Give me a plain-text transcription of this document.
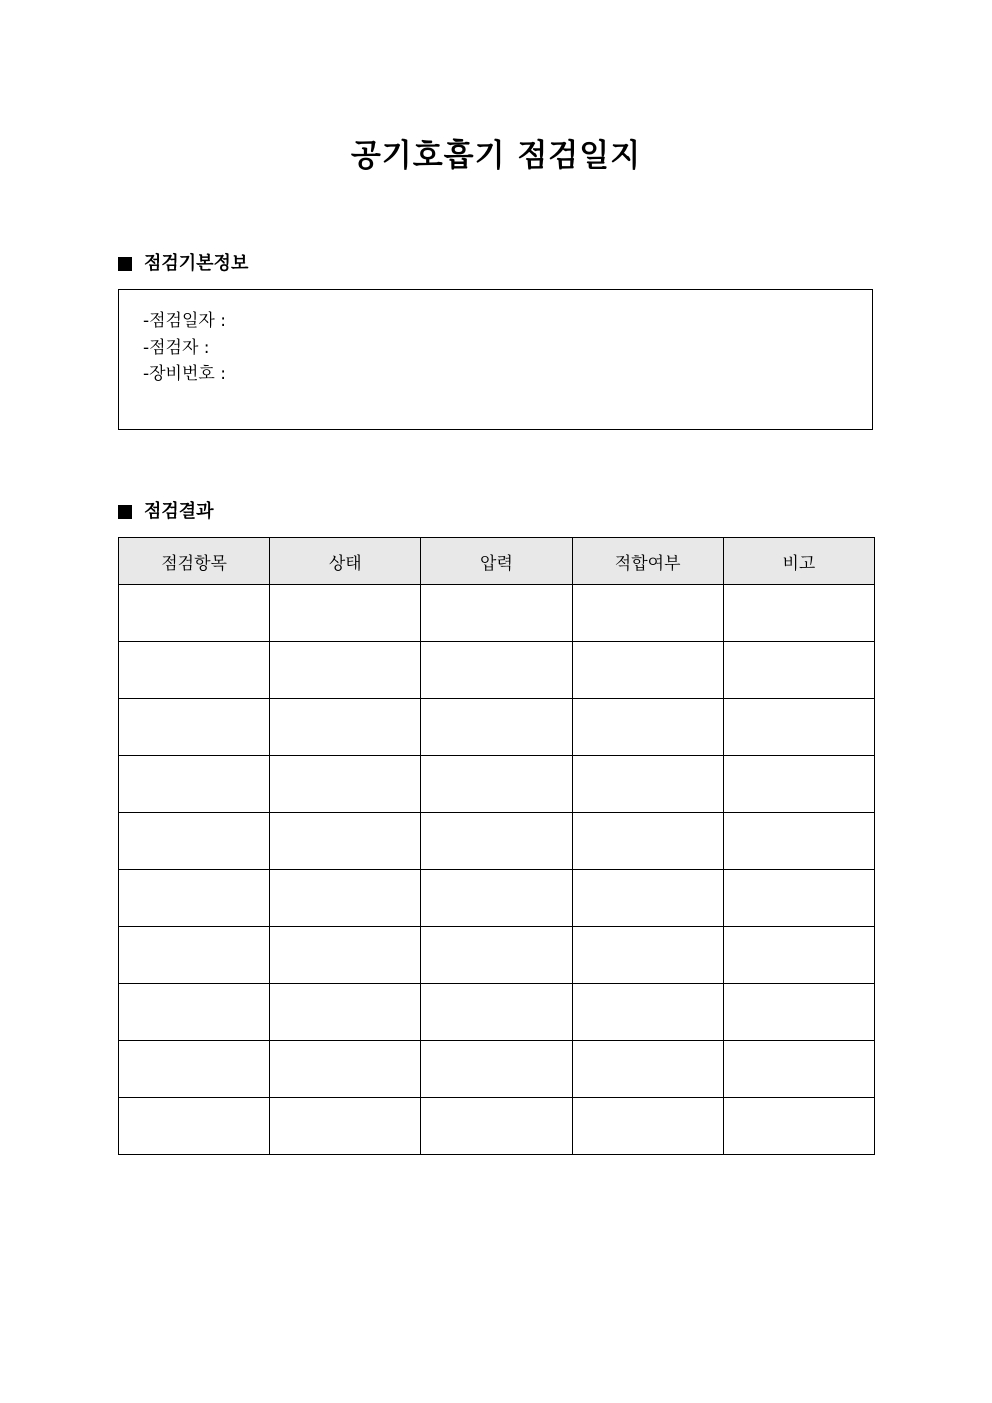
공기호흡기 점검일지
점검기본정보
-점검일자 :
-점검자 :
-장비번호 :
점검결과
점검항목	상태	압력	적합여부	비고
